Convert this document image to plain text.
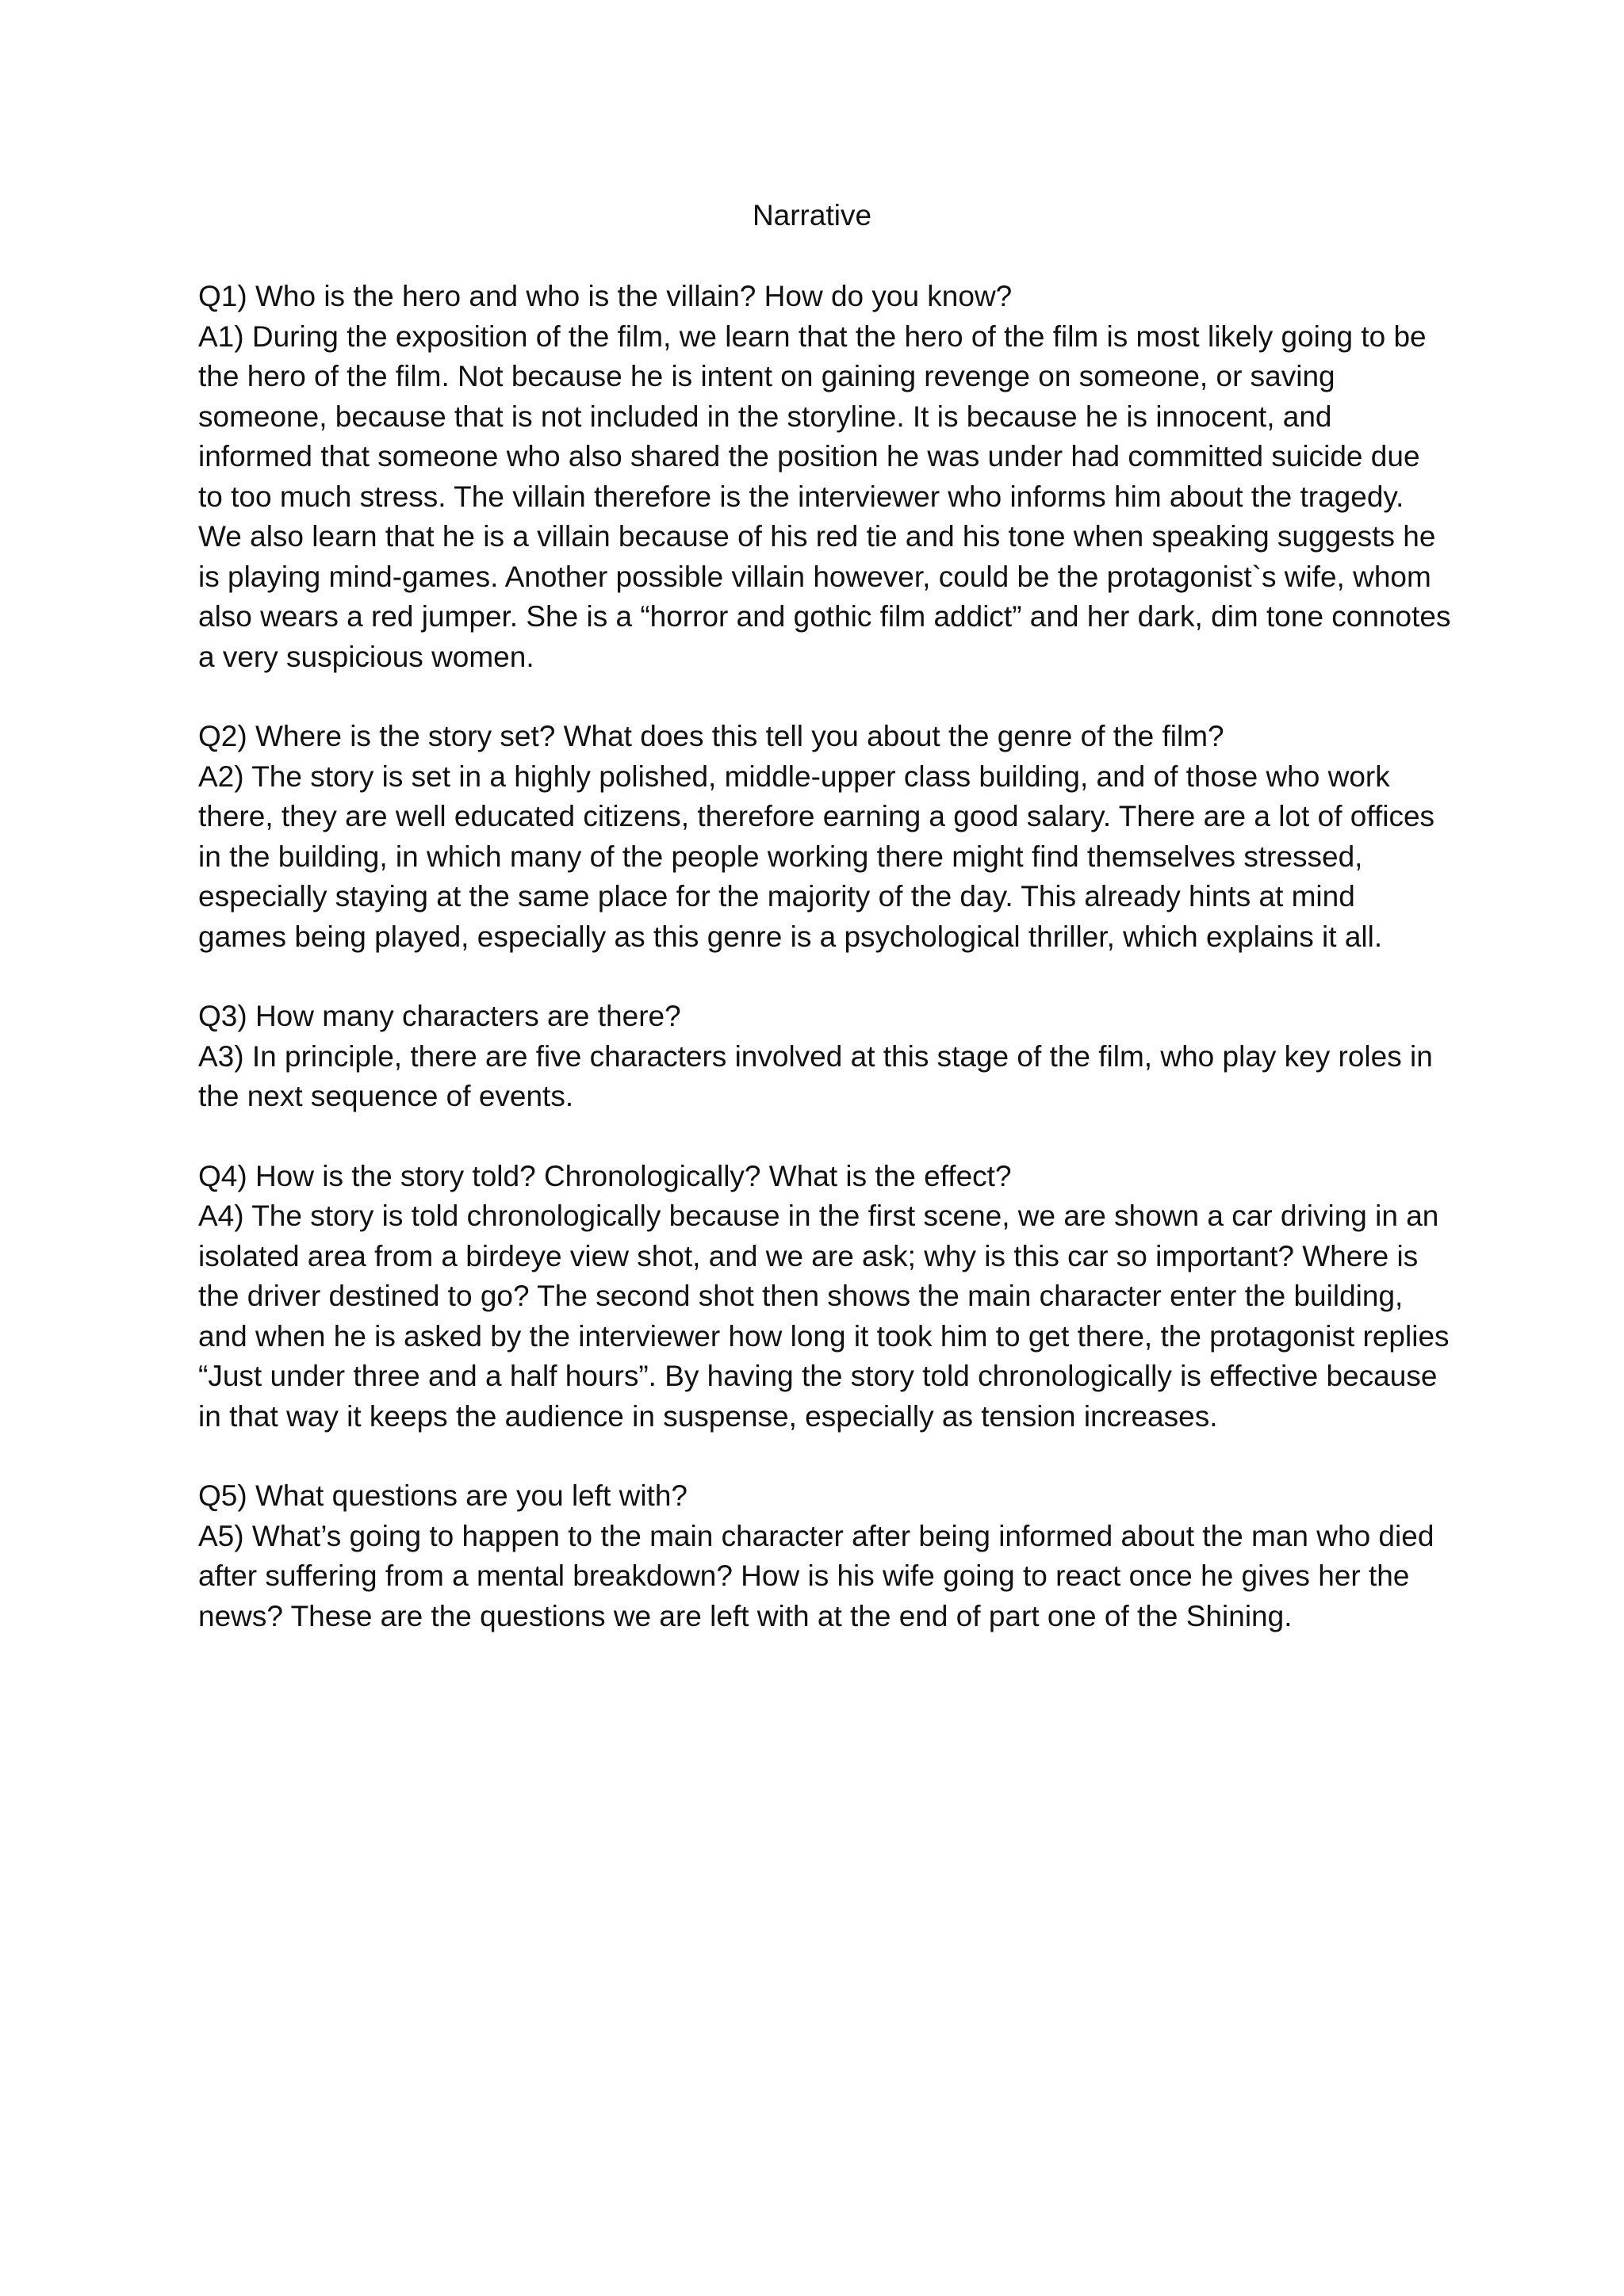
Narrative

Q1) Who is the hero and who is the villain? How do you know?

A1) During the exposition of the film, we learn that the hero of the film is most likely going to be the hero of the film. Not because he is intent on gaining revenge on someone, or saving someone, because that is not included in the storyline. It is because he is innocent, and informed that someone who also shared the position he was under had committed suicide due to too much stress. The villain therefore is the interviewer who informs him about the tragedy. We also learn that he is a villain because of his red tie and his tone when speaking suggests he is playing mind-games. Another possible villain however, could be the protagonist`s wife, whom also wears a red jumper. She is a “horror and gothic film addict” and her dark, dim tone connotes a very suspicious women.

Q2) Where is the story set? What does this tell you about the genre of the film?

A2) The story is set in a highly polished, middle-upper class building, and of those who work there, they are well educated citizens, therefore earning a good salary. There are a lot of offices in the building, in which many of the people working there might find themselves stressed, especially staying at the same place for the majority of the day. This already hints at mind games being played, especially as this genre is a psychological thriller, which explains it all.

Q3) How many characters are there?

A3) In principle, there are five characters involved at this stage of the film, who play key roles in the next sequence of events.

Q4) How is the story told? Chronologically? What is the effect?

A4) The story is told chronologically because in the first scene, we are shown a car driving in an isolated area from a birdeye view shot, and we are ask; why is this car so important? Where is the driver destined to go? The second shot then shows the main character enter the building, and when he is asked by the interviewer how long it took him to get there, the protagonist replies “Just under three and a half hours”. By having the story told chronologically is effective because in that way it keeps the audience in suspense, especially as tension increases.

Q5) What questions are you left with?

A5) What’s going to happen to the main character after being informed about the man who died after suffering from a mental breakdown? How is his wife going to react once he gives her the news? These are the questions we are left with at the end of part one of the Shining.
